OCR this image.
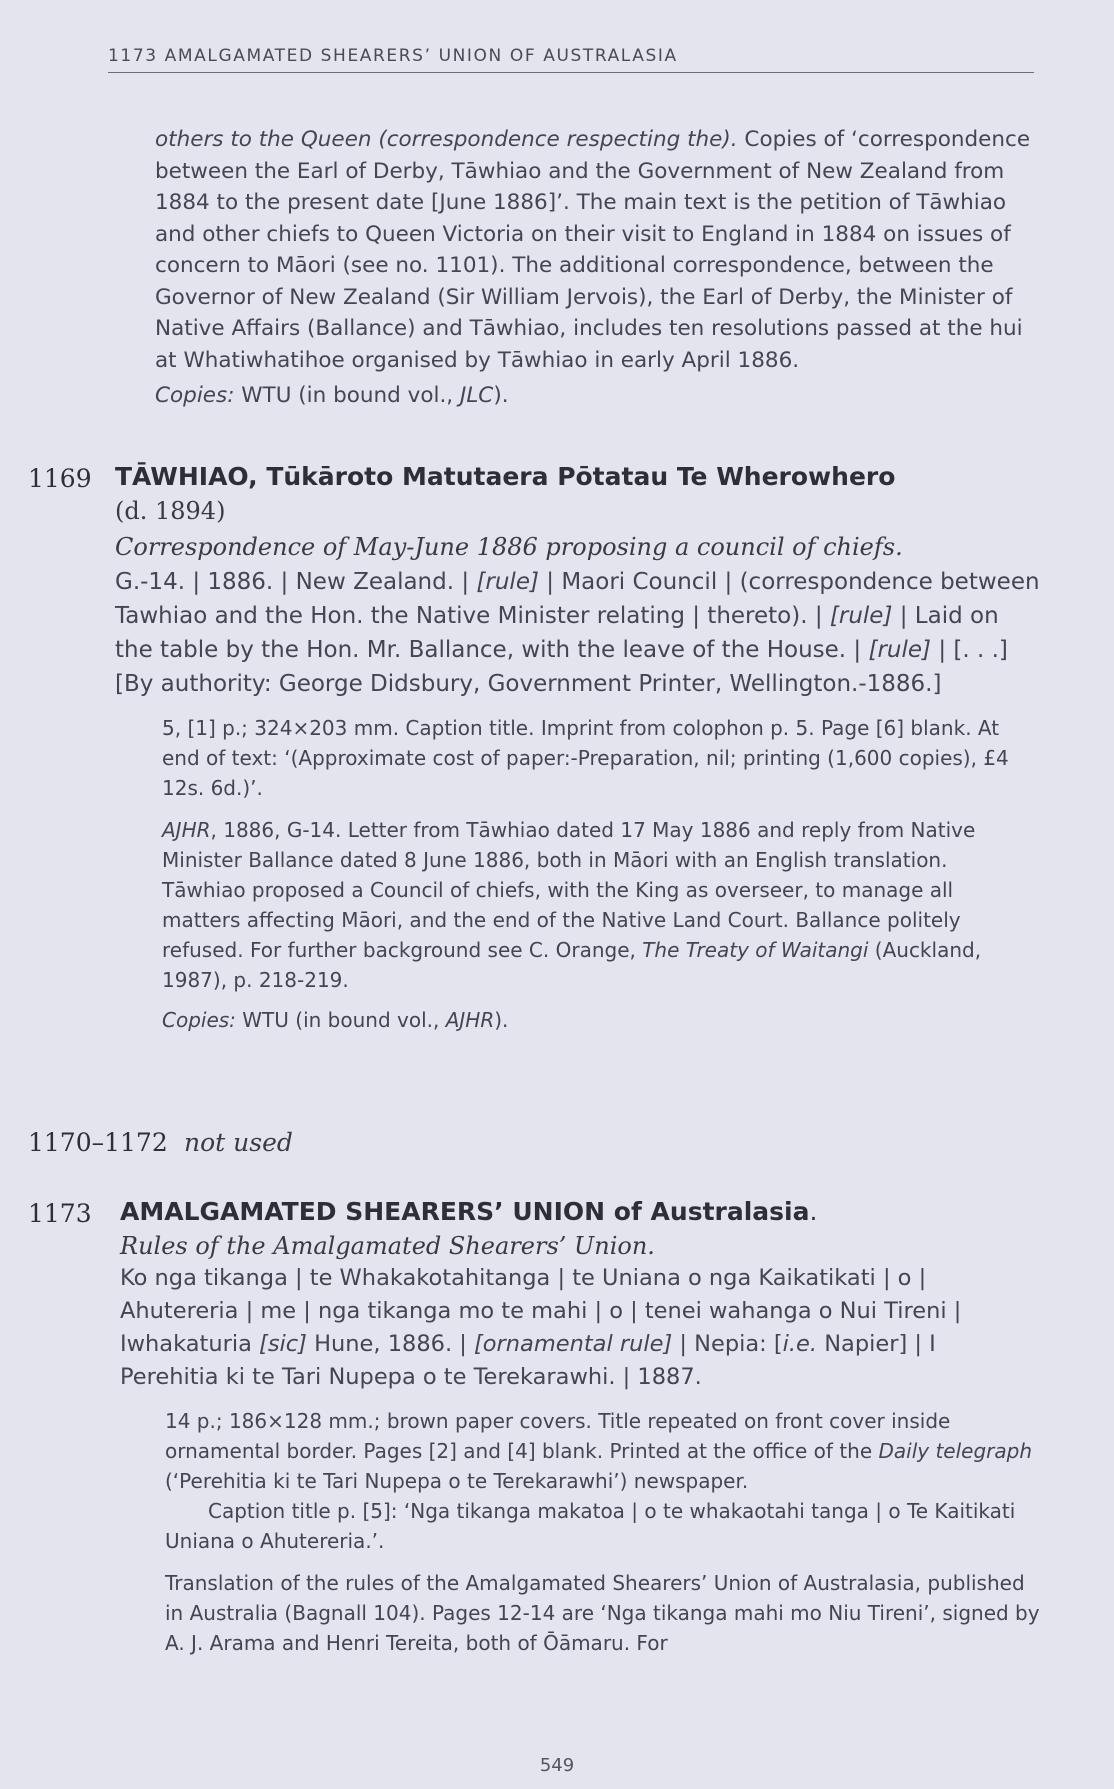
1173 AMALGAMATED SHEARERS’ UNION OF AUSTRALASIA

others to the Queen (correspondence respecting the). Copies of ‘correspondence between the Earl of Derby, Tāwhiao and the Government of New Zealand from 1884 to the present date [June 1886]’. The main text is the petition of Tāwhiao and other chiefs to Queen Victoria on their visit to England in 1884 on issues of concern to Māori (see no. 1101). The additional correspondence, between the Governor of New Zealand (Sir William Jervois), the Earl of Derby, the Minister of Native Affairs (Ballance) and Tāwhiao, includes ten resolutions passed at the hui at Whatiwhatihoe organised by Tāwhiao in early April 1886.

Copies: WTU (in bound vol., JLC).

1169 TĀWHIAO, Tūkāroto Matutaera Pōtatau Te Wherowhero
(d. 1894)
Correspondence of May-June 1886 proposing a council of chiefs.

G.-14. | 1886. | New Zealand. | [rule] | Maori Council | (correspondence between Tawhiao and the Hon. the Native Minister relating | thereto). | [rule] | Laid on the table by the Hon. Mr. Ballance, with the leave of the House. | [rule] | [. . .] [By authority: George Didsbury, Government Printer, Wellington.-1886.]

5, [1] p.; 324×203 mm. Caption title. Imprint from colophon p. 5. Page [6] blank. At end of text: ‘(Approximate cost of paper:-Preparation, nil; printing (1,600 copies), £4 12s. 6d.)’.

AJHR, 1886, G-14. Letter from Tāwhiao dated 17 May 1886 and reply from Native Minister Ballance dated 8 June 1886, both in Māori with an English translation. Tāwhiao proposed a Council of chiefs, with the King as overseer, to manage all matters affecting Māori, and the end of the Native Land Court. Ballance politely refused. For further background see C. Orange, The Treaty of Waitangi (Auckland, 1987), p. 218-219.

Copies: WTU (in bound vol., AJHR).

1170–1172 not used
1173 AMALGAMATED SHEARERS’ UNION of Australasia.
Rules of the Amalgamated Shearers’ Union.

Ko nga tikanga | te Whakakotahitanga | te Uniana o nga Kaikatikati | o | Ahutereria | me | nga tikanga mo te mahi | o | tenei wahanga o Nui Tireni | Iwhakaturia [sic] Hune, 1886. | [ornamental rule] | Nepia: [i.e. Napier] | I Perehitia ki te Tari Nupepa o te Terekarawhi. | 1887.

14 p.; 186×128 mm.; brown paper covers. Title repeated on front cover inside ornamental border. Pages [2] and [4] blank. Printed at the office of the Daily telegraph (‘Perehitia ki te Tari Nupepa o te Terekarawhi’) newspaper.

Caption title p. [5]: ‘Nga tikanga makatoa | o te whakaotahi tanga | o Te Kaitikati Uniana o Ahutereria.’.

Translation of the rules of the Amalgamated Shearers’ Union of Australasia, published in Australia (Bagnall 104). Pages 12-14 are ‘Nga tikanga mahi mo Niu Tireni’, signed by A. J. Arama and Henri Tereita, both of Ōāmaru. For

549
